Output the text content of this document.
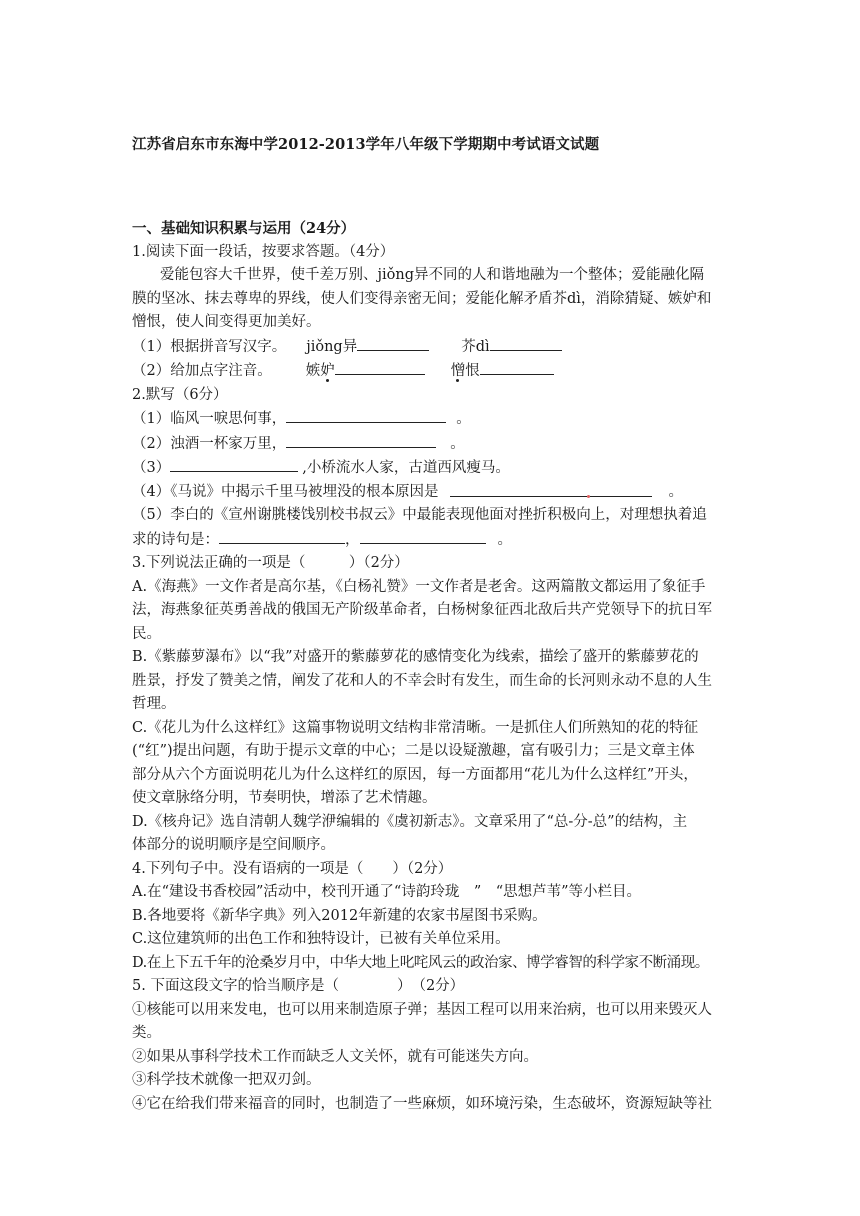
江苏省启东市东海中学2012-2013学年八年级下学期期中考试语文试题

一、基础知识积累与运用（24分）

1.阅读下面一段话，按要求答题。（4分）

爱能包容大千世界，使千差万别、jiǒng异不同的人和谐地融为一个整体；爱能融化隔

膜的坚冰、抹去尊卑的界线，使人们变得亲密无间；爱能化解矛盾芥dì，消除猜疑、嫉妒和

憎恨，使人间变得更加美好。

（1）根据拼音写汉字。 jiǒng异	芥dì

（2）给加点字注音。 嫉妒	憎恨

2.默写（6分）

（1）临风一唳思何事，	。

（2）浊酒一杯家万里，	。

（3）	,小桥流水人家，古道西风瘦马。

（4）《马说》中揭示千里马被埋没的根本原因是	。

（5）李白的《宣州谢朓楼饯别校书叔云》中最能表现他面对挫折积极向上，对理想执着追

求的诗句是：	，	。

3.下列说法正确的一项是（　　　）（2分）

A.《海燕》一文作者是高尔基，《白杨礼赞》一文作者是老舍。这两篇散文都运用了象征手

法，海燕象征英勇善战的俄国无产阶级革命者，白杨树象征西北敌后共产党领导下的抗日军

民。

B.《紫藤萝瀑布》以“我”对盛开的紫藤萝花的感情变化为线索，描绘了盛开的紫藤萝花的

胜景，抒发了赞美之情，阐发了花和人的不幸会时有发生，而生命的长河则永动不息的人生

哲理。

C.《花儿为什么这样红》这篇事物说明文结构非常清晰。一是抓住人们所熟知的花的特征

(“红”)提出问题，有助于提示文章的中心；二是以设疑激趣，富有吸引力；三是文章主体

部分从六个方面说明花儿为什么这样红的原因，每一方面都用“花儿为什么这样红”开头，

使文章脉络分明，节奏明快，增添了艺术情趣。

D.《核舟记》选自清朝人魏学洢编辑的《虞初新志》。文章采用了“总-分-总”的结构，主

体部分的说明顺序是空间顺序。

4.下列句子中。没有语病的一项是（　　）（2分）

A.在“建设书香校园”活动中，校刊开通了“诗韵玲珑　”　“思想芦苇”等小栏目。

B.各地要将《新华字典》列入2012年新建的农家书屋图书采购。

C.这位建筑师的出色工作和独特设计，已被有关单位采用。

D.在上下五千年的沧桑岁月中，中华大地上叱咤风云的政治家、博学睿智的科学家不断涌现。

5. 下面这段文字的恰当顺序是（　　　　）　（2分）

①核能可以用来发电，也可以用来制造原子弹；基因工程可以用来治病，也可以用来毁灭人

类。

②如果从事科学技术工作而缺乏人文关怀，就有可能迷失方向。

③科学技术就像一把双刃剑。

④它在给我们带来福音的同时，也制造了一些麻烦，如环境污染，生态破坏，资源短缺等社
